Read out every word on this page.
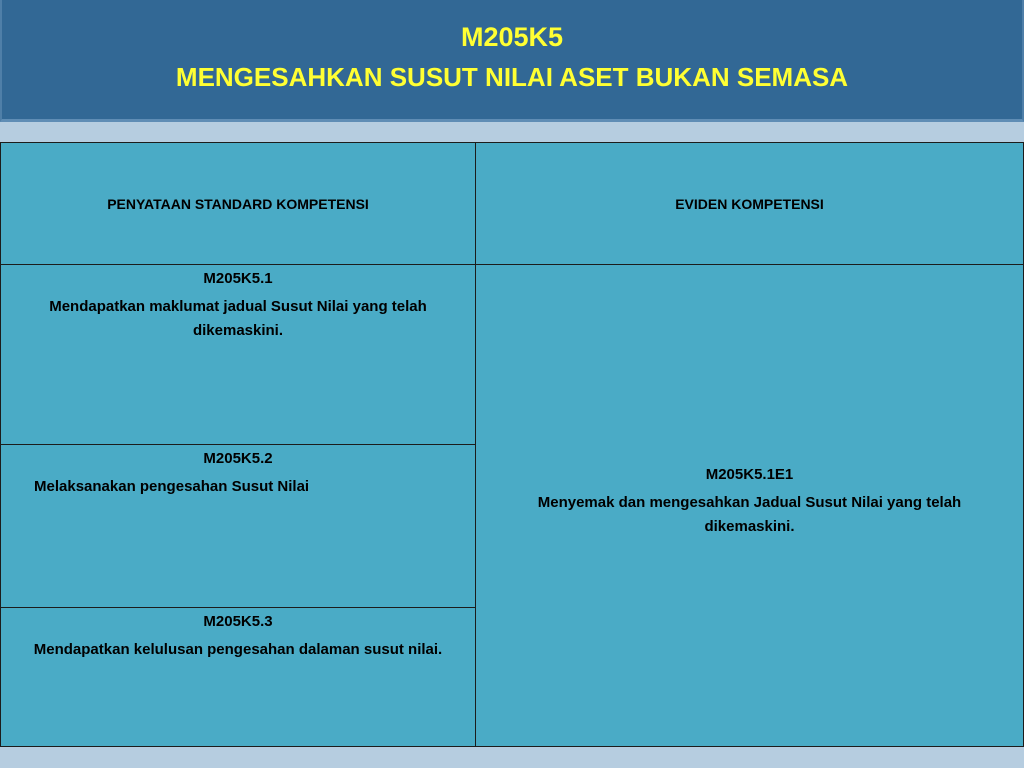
M205K5
MENGESAHKAN SUSUT NILAI ASET BUKAN SEMASA
PENYATAAN STANDARD KOMPETENSI	EVIDEN KOMPETENSI
M205K5.1
Mendapatkan maklumat jadual Susut Nilai yang telah dikemaskini.
M205K5.2
Melaksanakan pengesahan Susut Nilai
M205K5.3
Mendapatkan kelulusan pengesahan dalaman susut nilai.
M205K5.1E1
Menyemak dan mengesahkan Jadual Susut Nilai yang telah dikemaskini.
